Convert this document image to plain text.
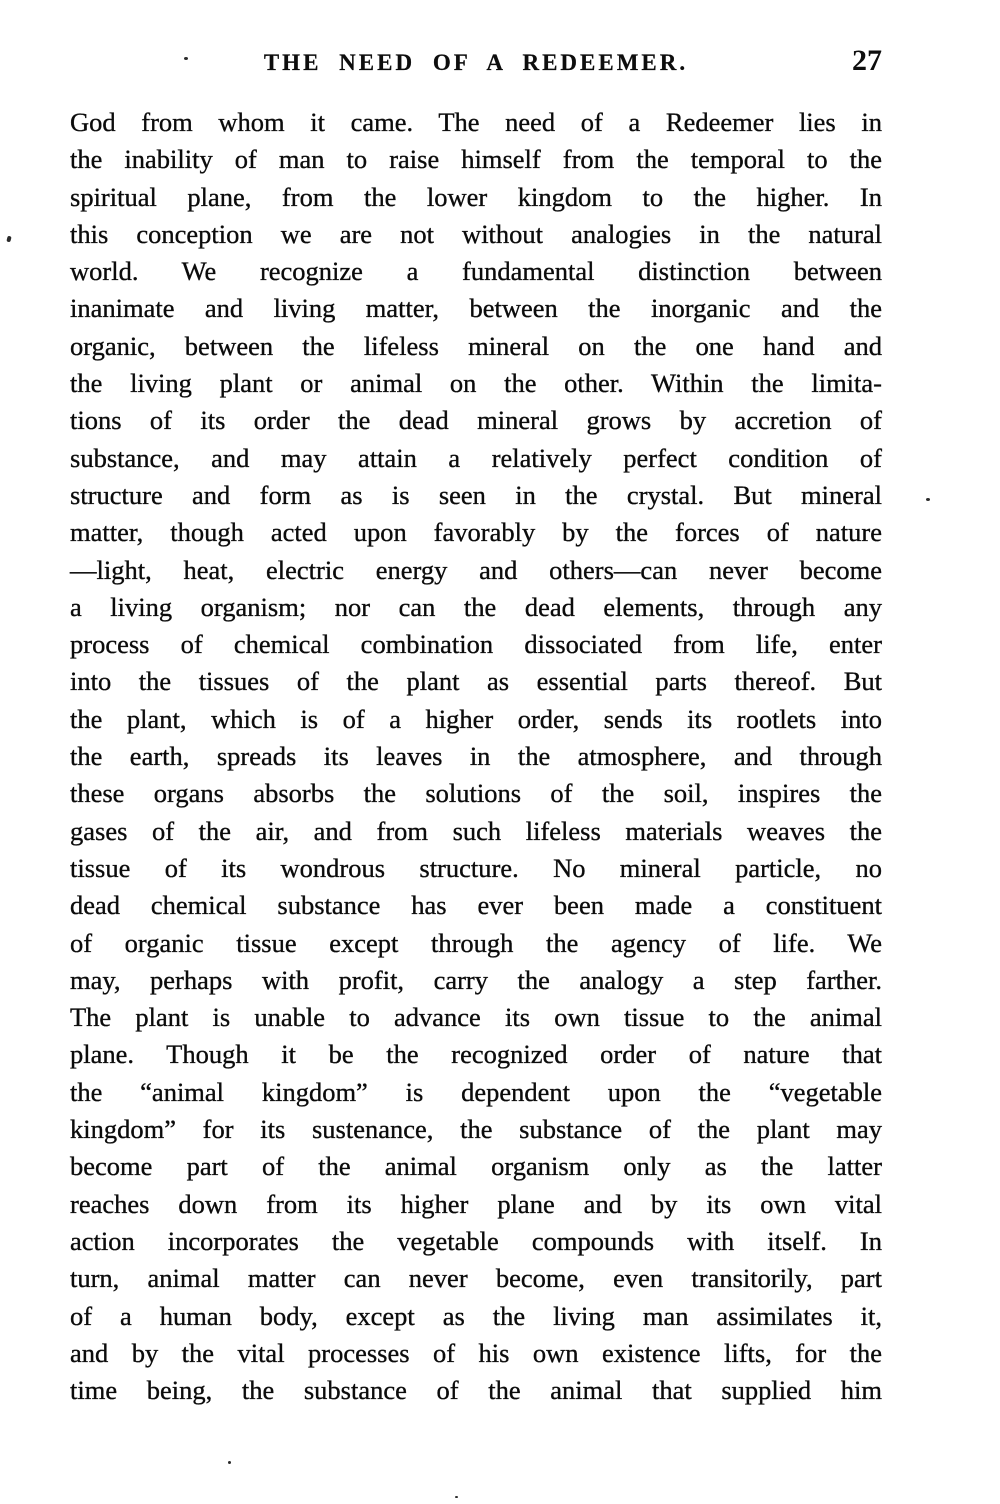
THE NEED OF A REDEEMER.	27
God from whom it came. The need of a Redeemer lies in
the inability of man to raise himself from the temporal to the
spiritual plane, from the lower kingdom to the higher. In
this conception we are not without analogies in the natural
world. We recognize a fundamental distinction between
inanimate and living matter, between the inorganic and the
organic, between the lifeless mineral on the one hand and
the living plant or animal on the other. Within the limita-
tions of its order the dead mineral grows by accretion of
substance, and may attain a relatively perfect condition of
structure and form as is seen in the crystal. But mineral
matter, though acted upon favorably by the forces of nature
—light, heat, electric energy and others—can never become
a living organism; nor can the dead elements, through any
process of chemical combination dissociated from life, enter
into the tissues of the plant as essential parts thereof. But
the plant, which is of a higher order, sends its rootlets into
the earth, spreads its leaves in the atmosphere, and through
these organs absorbs the solutions of the soil, inspires the
gases of the air, and from such lifeless materials weaves the
tissue of its wondrous structure. No mineral particle, no
dead chemical substance has ever been made a constituent
of organic tissue except through the agency of life. We
may, perhaps with profit, carry the analogy a step farther.
The plant is unable to advance its own tissue to the animal
plane. Though it be the recognized order of nature that
the “animal kingdom” is dependent upon the “vegetable
kingdom” for its sustenance, the substance of the plant may
become part of the animal organism only as the latter
reaches down from its higher plane and by its own vital
action incorporates the vegetable compounds with itself. In
turn, animal matter can never become, even transitorily, part
of a human body, except as the living man assimilates it,
and by the vital processes of his own existence lifts, for the
time being, the substance of the animal that supplied him
